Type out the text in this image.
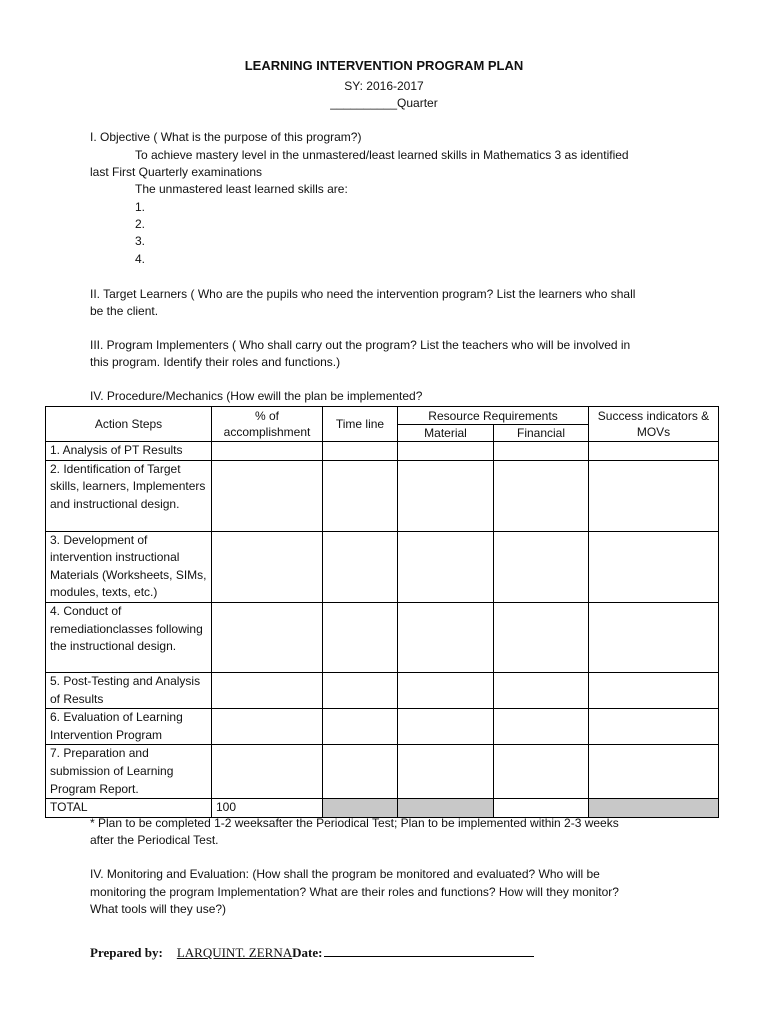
LEARNING INTERVENTION PROGRAM PLAN
SY: 2016-2017
__________Quarter
I. Objective ( What is the purpose of this program?)
To achieve mastery level in the unmastered/least learned skills in Mathematics 3 as identified
last First Quarterly examinations
The unmastered least learned skills are:
1.
2.
3.
4.
II. Target Learners ( Who are the pupils who need the intervention program? List the learners who shall
be the client.
III. Program Implementers ( Who shall carry out the program? List the teachers who will be involved in
this program. Identify their roles and functions.)
IV. Procedure/Mechanics (How ewill the plan be implemented?
Action Steps	% of accomplishment	Time line	Resource Requirements		Success indicators & MOVs
			Material	Financial	
1. Analysis of PT Results					
2. Identification of Target skills, learners, Implementers and instructional design.					
3. Development of intervention instructional Materials (Worksheets, SIMs, modules, texts, etc.)					
4. Conduct of remediationclasses following the instructional design.					
5. Post-Testing and Analysis of Results					
6. Evaluation of Learning Intervention Program					
7. Preparation and submission of Learning Program Report.					
TOTAL	100				
* Plan to be completed 1-2 weeksafter the Periodical Test; Plan to be implemented within 2-3 weeks
after the Periodical Test.
IV. Monitoring and Evaluation: (How shall the program be monitored and evaluated? Who will be
monitoring the program Implementation? What are their roles and functions? How will they monitor?
What tools will they use?)
Prepared by: LARQUINT. ZERNADate:
